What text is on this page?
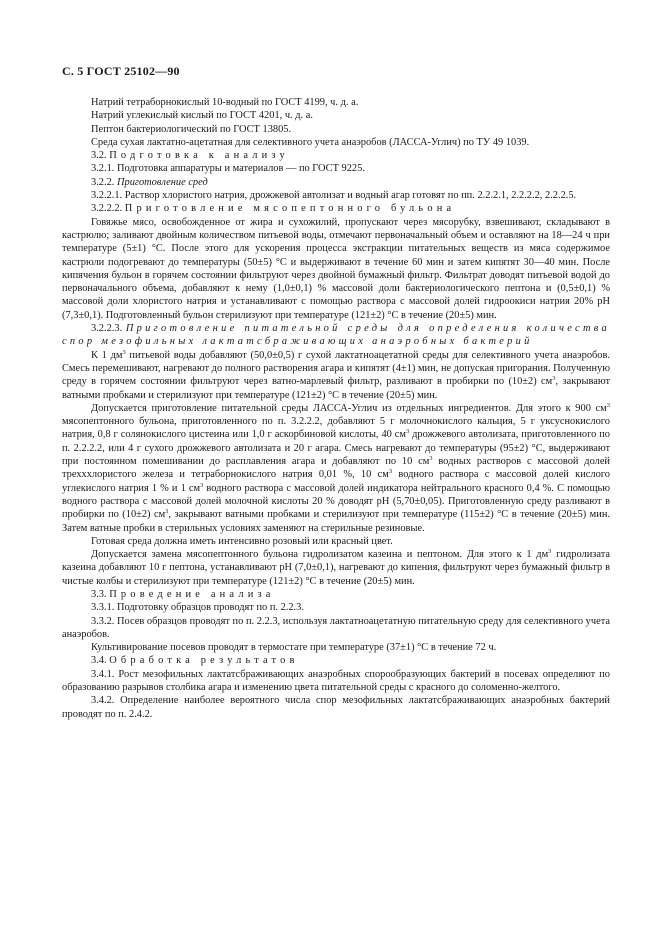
С. 5 ГОСТ 25102—90

Натрий тетраборнокислый 10-водный по ГОСТ 4199, ч. д. а.

Натрий углекислый кислый по ГОСТ 4201, ч. д. а.

Пептон бактериологический по ГОСТ 13805.

Среда сухая лактатно-ацетатная для селективного учета анаэробов (ЛАССА-Углич) по ТУ 49 1039.

3.2. Подготовка к анализу

3.2.1. Подготовка аппаратуры и материалов — по ГОСТ 9225.

3.2.2. Приготовление сред

3.2.2.1. Раствор хлористого натрия, дрожжевой автолизат и водный агар готовят по пп. 2.2.2.1, 2.2.2.2, 2.2.2.5.

3.2.2.2. Приготовление мясопептонного бульона

Говяжье мясо, освобожденное от жира и сухожилий, пропускают через мясорубку, взвешивают, складывают в кастрюлю; заливают двойным количеством питьевой воды, отмечают первоначальный объем и оставляют на 18—24 ч при температуре (5±1) °С. После этого для ускорения процесса экстракции питательных веществ из мяса содержимое кастрюли подогревают до температуры (50±5) °С и выдерживают в течение 60 мин и затем кипятят 30—40 мин. После кипячения бульон в горячем состоянии фильтруют через двойной бумажный фильтр. Фильтрат доводят питьевой водой до первоначального объема, добавляют к нему (1,0±0,1) % массовой доли бактериологического пептона и (0,5±0,1) % массовой доли хлористого натрия и устанавливают с помощью раствора с массовой долей гидроокиси натрия 20% рН (7,3±0,1). Подготовленный бульон стерилизуют при температуре (121±2) °С в течение (20±5) мин.

3.2.2.3. Приготовление питательной среды для определения количества спор мезофильных лактатсбраживающих анаэробных бактерий

К 1 $дм^3$ питьевой воды добавляют (50,0±0,5) г сухой лактатноацетатной среды для селективного учета анаэробов. Смесь перемешивают, нагревают до полного растворения агара и кипятят (4±1) мин, не допуская пригорания. Полученную среду в горячем состоянии фильтруют через ватно-марлевый фильтр, разливают в пробирки по (10±2) $см^3$, закрывают ватными пробками и стерилизуют при температуре (121±2) °С в течение (20±5) мин.

Допускается приготовление питательной среды ЛАССА-Углич из отдельных ингредиентов. Для этого к 900 $см^3$ мясопептонного бульона, приготовленного по п. 3.2.2.2, добавляют 5 г молочнокислого кальция, 5 г уксуснокислого натрия, 0,8 г солянокислого цистеина или 1,0 г аскорбиновой кислоты, 40 $см^3$ дрожжевого автолизата, приготовленного по п. 2.2.2.2, или 4 г сухого дрожжевого автолизата и 20 г агара. Смесь нагревают до температуры (95±2) °С, выдерживают при постоянном помешивании до расплавления агара и добавляют по 10 $см^3$ водных растворов с массовой долей трехххлористого железа и тетраборнокислого натрия 0,01 %, 10 $см^3$ водного раствора с массовой долей кислого углекислого натрия 1 % и 1 $см^3$ водного раствора с массовой долей индикатора нейтрального красного 0,4 %. С помощью водного раствора с массовой долей молочной кислоты 20 % доводят рН (5,70±0,05). Приготовленную среду разливают в пробирки по (10±2) $см^3$, закрывают ватными пробками и стерилизуют при температуре (115±2) °С в течение (20±5) мин. Затем ватные пробки в стерильных условиях заменяют на стерильные резиновые.

Готовая среда должна иметь интенсивно розовый или красный цвет.

Допускается замена мясопептонного бульона гидролизатом казеина и пептоном. Для этого к 1 $дм^3$ гидролизата казеина добавляют 10 г пептона, устанавливают рН (7,0±0,1), нагревают до кипения, фильтруют через бумажный фильтр в чистые колбы и стерилизуют при температуре (121±2) °С в течение (20±5) мин.

3.3. Проведение анализа

3.3.1. Подготовку образцов проводят по п. 2.2.3.

3.3.2. Посев образцов проводят по п. 2.2.3, используя лактатноацетатную питательную среду для селективного учета анаэробов.

Культивирование посевов проводят в термостате при температуре (37±1) °С в течение 72 ч.

3.4. Обработка результатов

3.4.1. Рост мезофильных лактатсбраживающих анаэробных спорообразующих бактерий в посевах определяют по образованию разрывов столбика агара и изменению цвета питательной среды с красного до соломенно-желтого.

3.4.2. Определение наиболее вероятного числа спор мезофильных лактатсбраживающих анаэробных бактерий проводят по п. 2.4.2.
